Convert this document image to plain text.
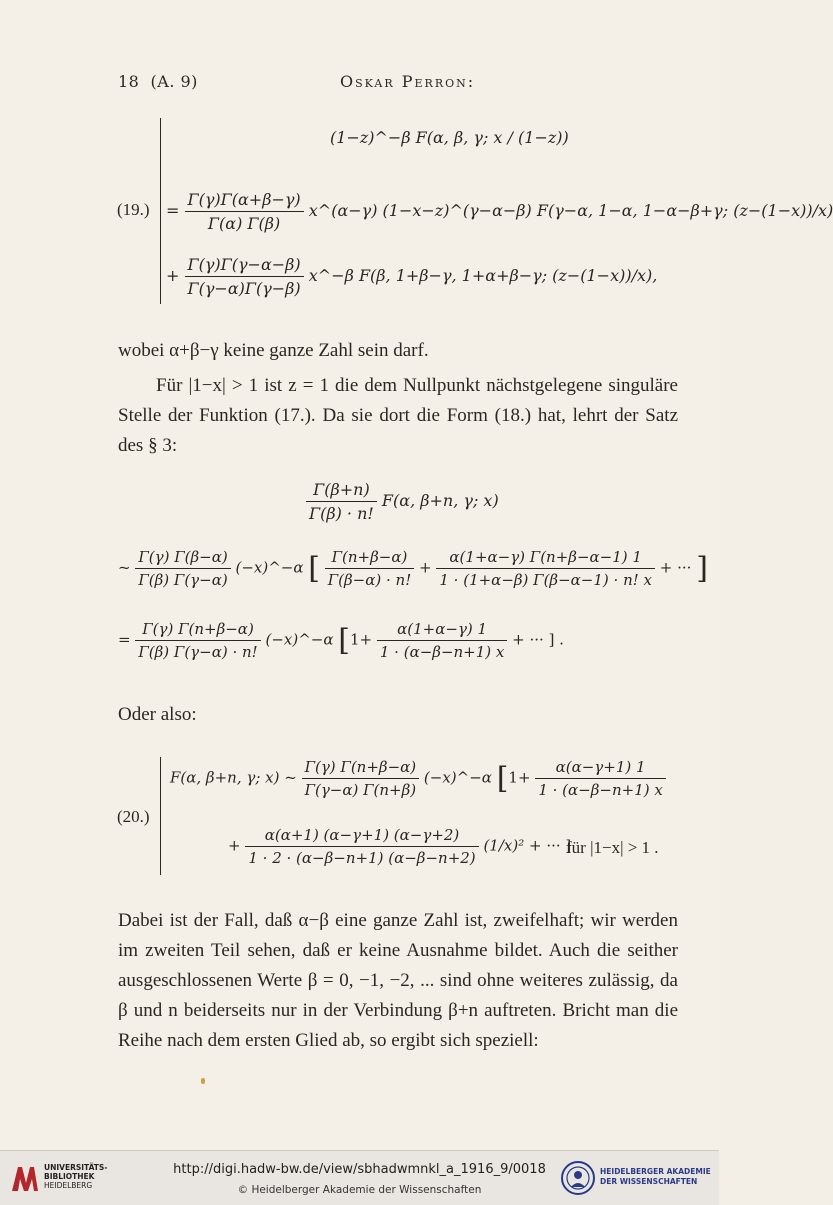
18 (A. 9)	Oskar Perron:
(19.)
(1−z)^−β F(α, β, γ; x / (1−z))
= $\frac{\Gamma(\gamma)\Gamma(\alpha+\beta-\gamma)}{\Gamma(\alpha) \Gamma(\beta)}$ x^(α−γ) (1−x−z)^(γ−α−β) F(γ−α, 1−α, 1−α−β+γ; (z−(1−x))/x)
+ $\frac{\Gamma(\gamma)\Gamma(\gamma-\alpha-\beta)}{\Gamma(\gamma-\alpha)\Gamma(\gamma-\beta)}$ x^−β F(β, 1+β−γ, 1+α+β−γ; (z−(1−x))/x),
wobei α+β−γ keine ganze Zahl sein darf.
Für |1−x| > 1 ist z = 1 die dem Nullpunkt nächstgelegene singuläre Stelle der Funktion (17.). Da sie dort die Form (18.) hat, lehrt der Satz des § 3:
$\frac{\Gamma(\beta+n)}{\Gamma(\beta) \cdot n!} F(\alpha$, β+n, γ; x)
~ $\frac{\Gamma(\gamma) \Gamma(\beta-\alpha)}{\Gamma(\beta) \Gamma(\gamma-\alpha)}$ (−x)^−α [ $\frac{\Gamma(n+\beta-\alpha)}{\Gamma(\beta-\alpha) \cdot n!} + \frac{\alpha(1+\alpha-\gamma) \Gamma(n+\beta-\alpha-1) 1}{1 \cdot (1+\alpha-\beta) \Gamma(\beta-\alpha-1) \cdot n! x}$ + ··· ]
= $\frac{\Gamma(\gamma) \Gamma(n+\beta-\alpha)}{\Gamma(\beta) \Gamma(\gamma-\alpha) \cdot n!}$ (−x)^−α [$1+ \frac{\alpha(1+\alpha-\gamma) 1}{1 \cdot (\alpha-\beta-n+1) x}$ + ··· ] .
Oder also:
(20.)
F(α, β+n, γ; x) ~ $\frac{\Gamma(\gamma) \Gamma(n+\beta-\alpha)}{\Gamma(\gamma-\alpha) \Gamma(n+\beta)}$ (−x)^−α [$1+ \frac{\alpha(\alpha-\gamma+1) 1}{1 \cdot (\alpha-\beta-n+1) x}$
+ $\frac{\alpha(\alpha+1) (\alpha-\gamma+1) (\alpha-\gamma+2)}{1 \cdot 2 \cdot (\alpha-\beta-n+1) (\alpha-\beta-n+2)} (1/x)^2$ + ··· ]
für |1−x| > 1 .
Dabei ist der Fall, daß α−β eine ganze Zahl ist, zweifelhaft; wir werden im zweiten Teil sehen, daß er keine Ausnahme bildet. Auch die seither ausgeschlossenen Werte β = 0, −1, −2, ... sind ohne weiteres zulässig, da β und n beiderseits nur in der Verbindung β+n auftreten. Bricht man die Reihe nach dem ersten Glied ab, so ergibt sich speziell:
UNIVERSITÄTS-
BIBLIOTHEK
HEIDELBERG
http://digi.hadw-bw.de/view/sbhadwmnkl_a_1916_9/0018
© Heidelberger Akademie der Wissenschaften
HEIDELBERGER AKADEMIE
DER WISSENSCHAFTEN
